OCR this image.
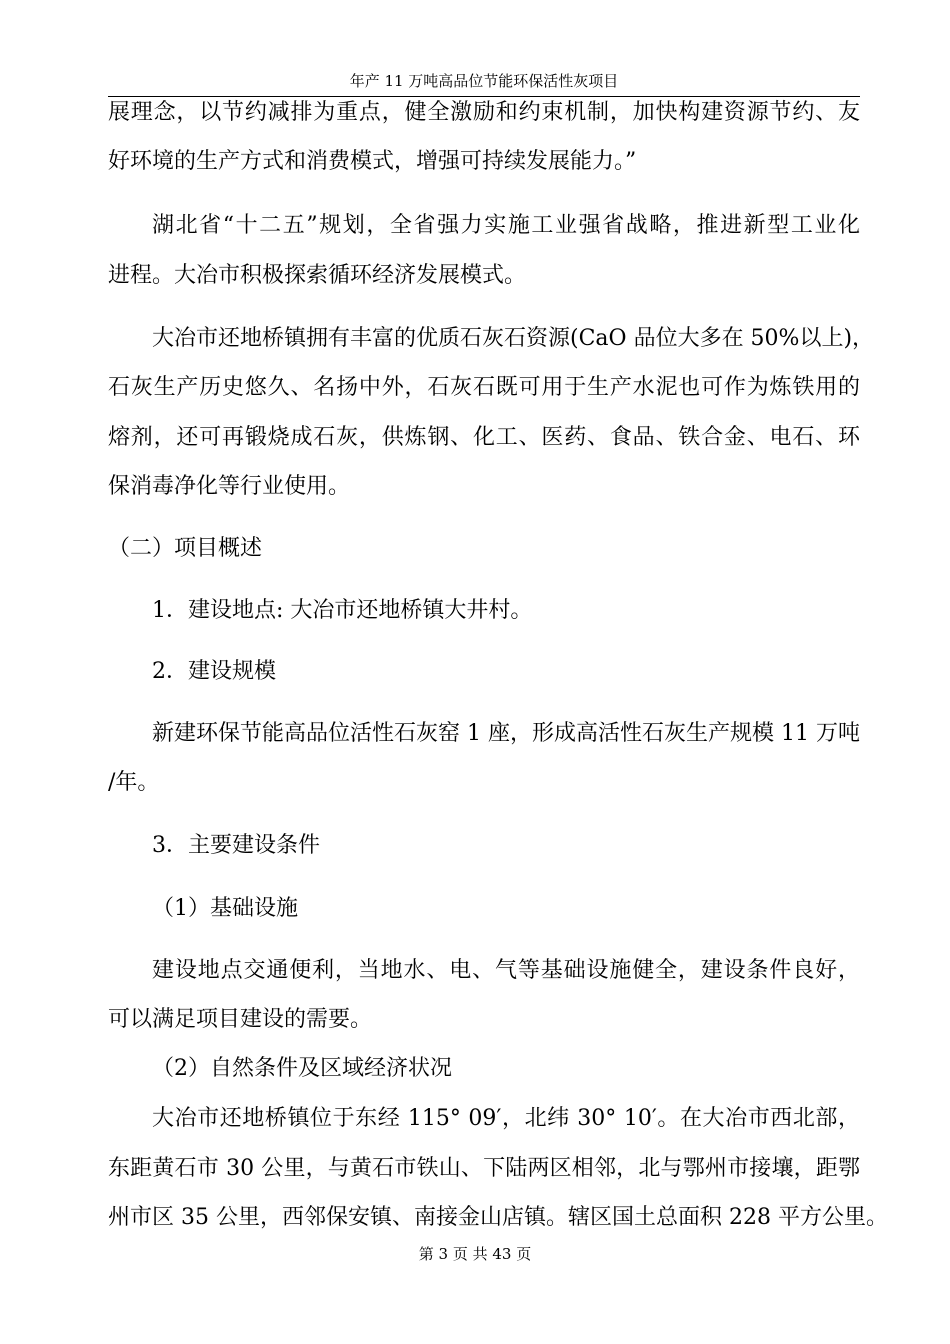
年产 11 万吨高品位节能环保活性灰项目
展理念，以节约减排为重点，健全激励和约束机制，加快构建资源节约、友
好环境的生产方式和消费模式，增强可持续发展能力。”
湖北省“十二五”规划，全省强力实施工业强省战略，推进新型工业化
进程。大冶市积极探索循环经济发展模式。
大冶市还地桥镇拥有丰富的优质石灰石资源(CaO 品位大多在 50%以上)，
石灰生产历史悠久、名扬中外，石灰石既可用于生产水泥也可作为炼铁用的
熔剂，还可再锻烧成石灰，供炼钢、化工、医药、食品、铁合金、电石、环
保消毒净化等行业使用。
（二）项目概述
1．建设地点: 大冶市还地桥镇大井村。
2．建设规模
新建环保节能高品位活性石灰窑 1 座，形成高活性石灰生产规模 11 万吨
/年。
3．主要建设条件
（1）基础设施
建设地点交通便利，当地水、电、气等基础设施健全，建设条件良好，
可以满足项目建设的需要。
（2）自然条件及区域经济状况
大冶市还地桥镇位于东经 115° 09′，北纬 30° 10′。在大冶市西北部，
东距黄石市 30 公里，与黄石市铁山、下陆两区相邻，北与鄂州市接壤，距鄂
州市区 35 公里，西邻保安镇、南接金山店镇。辖区国土总面积 228 平方公里。
第 3 页 共 43 页
